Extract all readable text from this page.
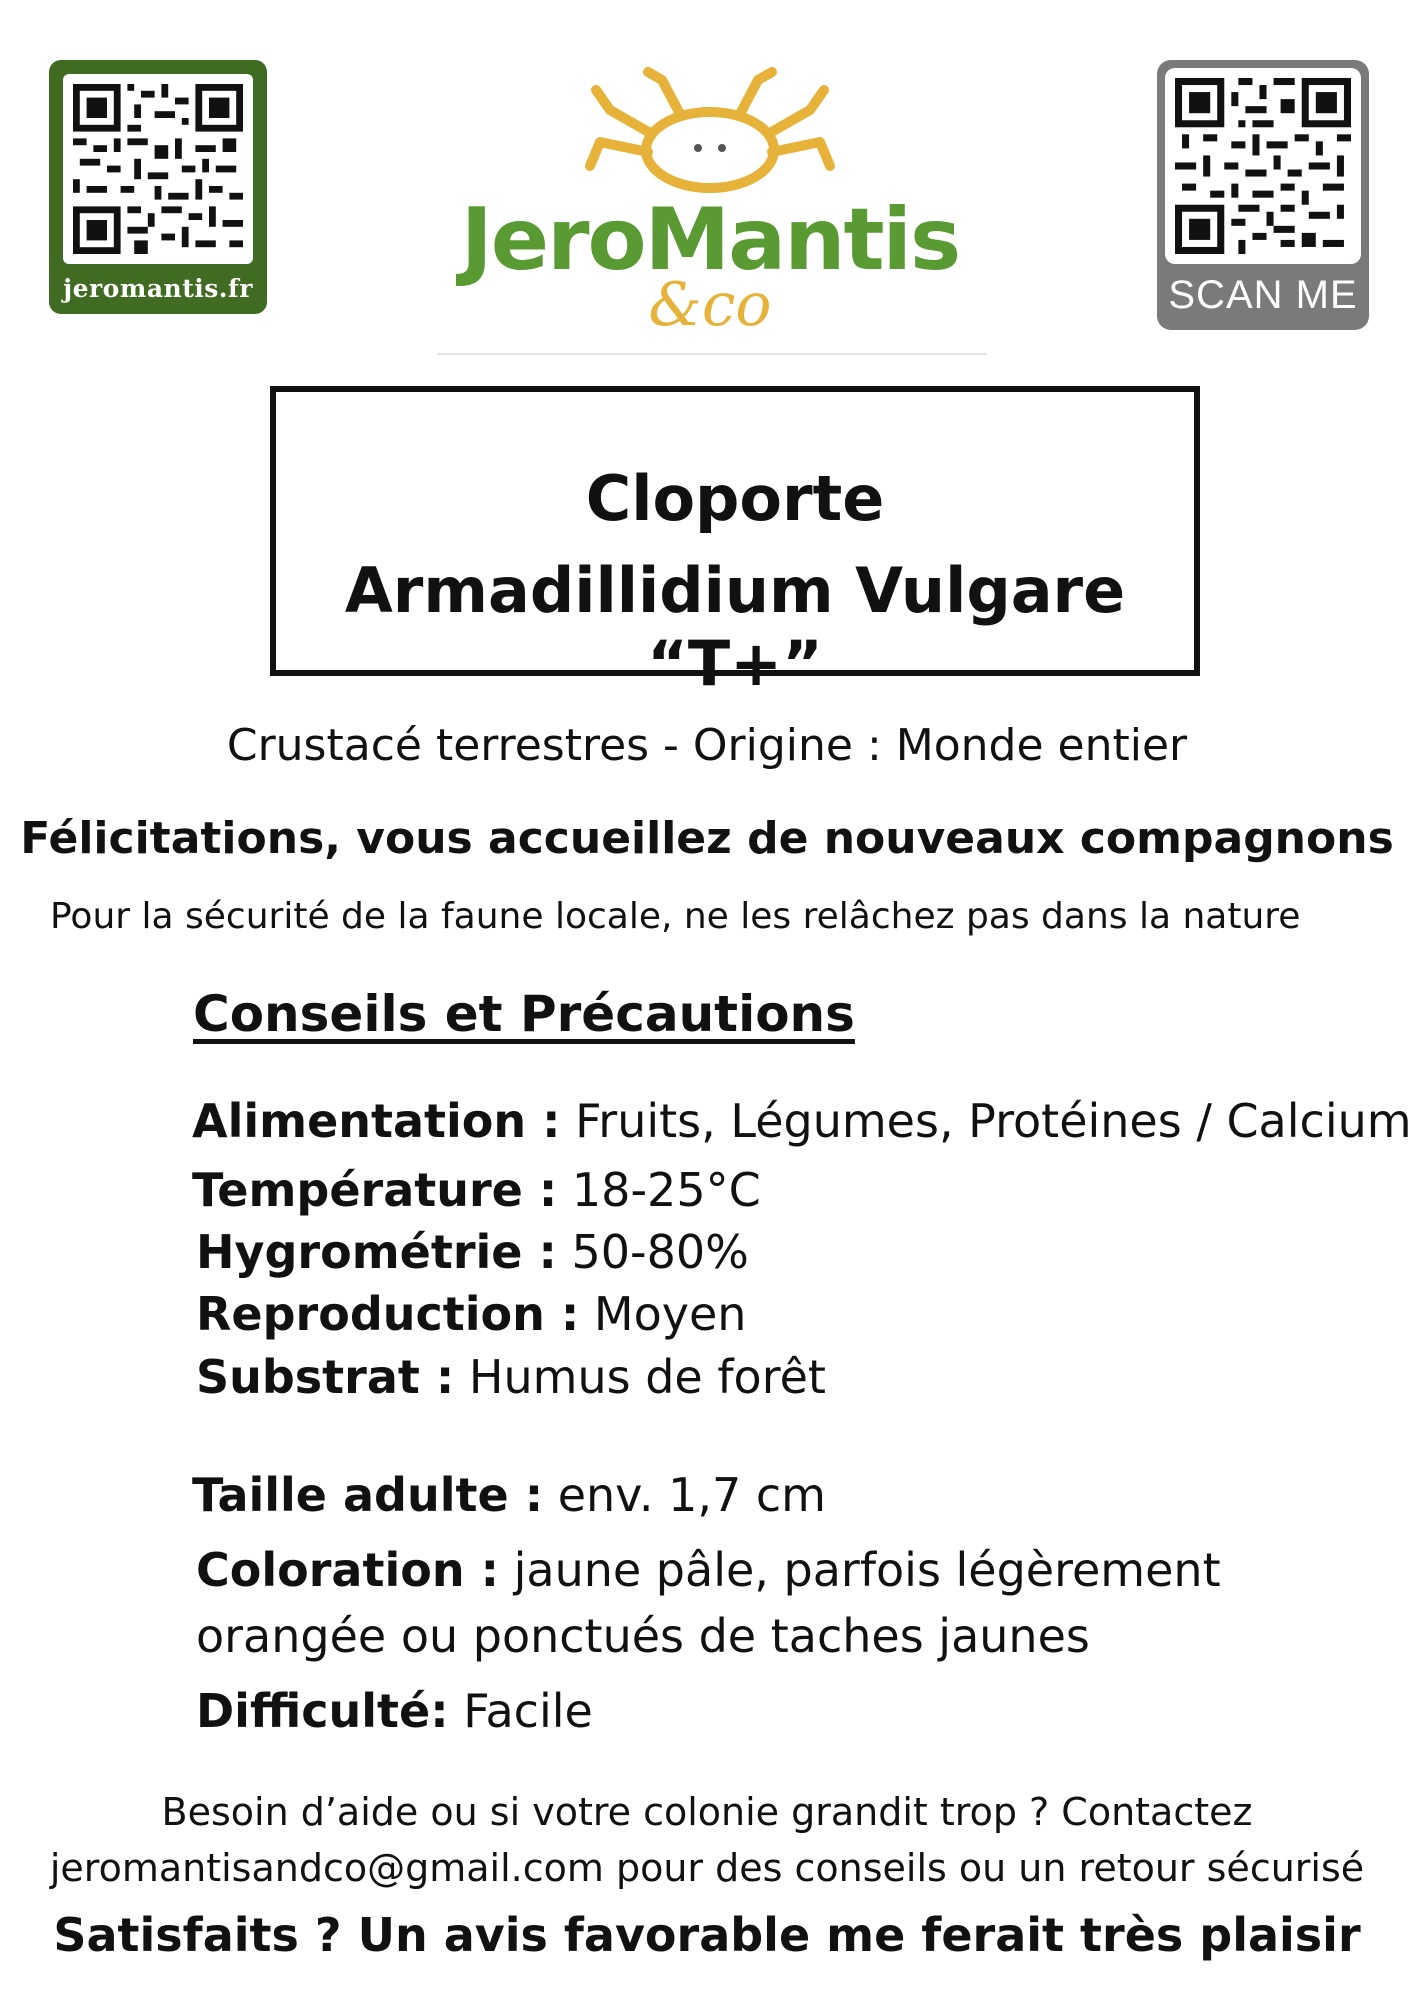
jeromantis.fr	JeroMantis
&co	SCAN ME
Cloporte
Armadillidium Vulgare “T+”
Crustacé terrestres - Origine : Monde entier
Félicitations, vous accueillez de nouveaux compagnons
Pour la sécurité de la faune locale, ne les relâchez pas dans la nature
Conseils et Précautions
Alimentation : Fruits, Légumes, Protéines / Calcium
Température : 18-25°C
Hygrométrie : 50-80%
Reproduction : Moyen
Substrat : Humus de forêt
Taille adulte : env. 1,7 cm
Coloration : jaune pâle, parfois légèrement
orangée ou ponctués de taches jaunes
Difficulté: Facile
Besoin d’aide ou si votre colonie grandit trop ? Contactez
jeromantisandco@gmail.com pour des conseils ou un retour sécurisé
Satisfaits ? Un avis favorable me ferait très plaisir
